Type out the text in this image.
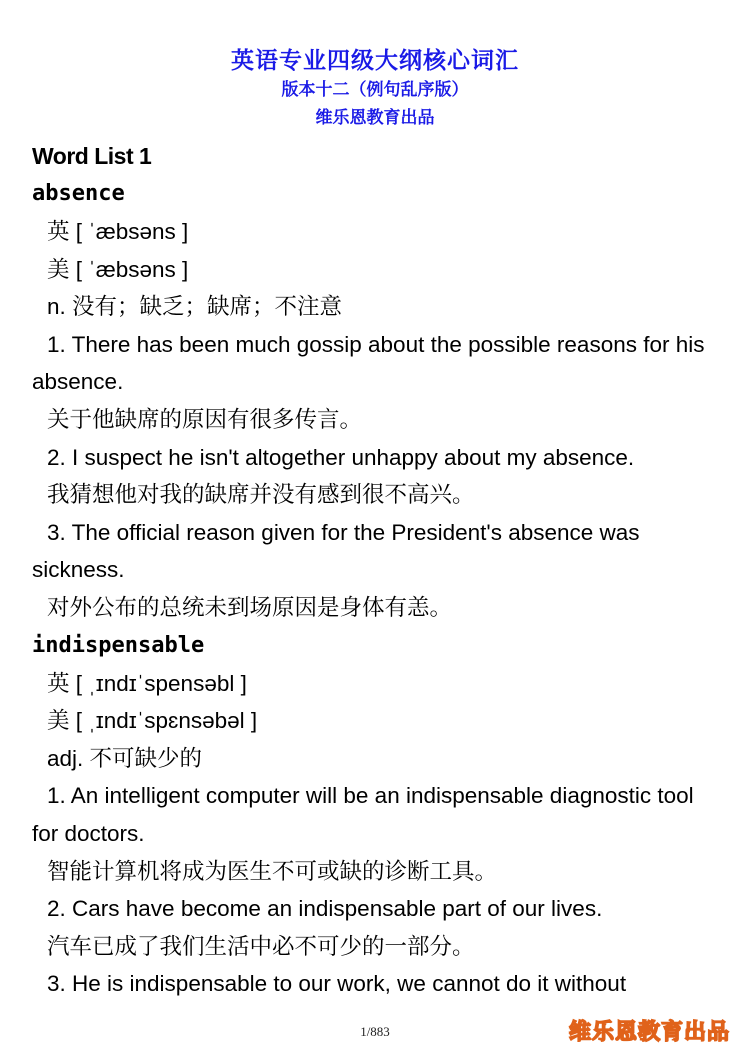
英语专业四级大纲核心词汇
版本十二（例句乱序版）
维乐恩教育出品
Word List 1
absence
英 [ ˈæbsəns ]
美 [ ˈæbsəns ]
n. 没有；缺乏；缺席；不注意
1. There has been much gossip about the possible reasons for his absence.
关于他缺席的原因有很多传言。
2. I suspect he isn't altogether unhappy about my absence.
我猜想他对我的缺席并没有感到很不高兴。
3. The official reason given for the President's absence was sickness.
对外公布的总统未到场原因是身体有恙。
indispensable
英 [ ˌɪndɪˈspensəbl ]
美 [ ˌɪndɪˈspɛnsəbəl ]
adj. 不可缺少的
1. An intelligent computer will be an indispensable diagnostic tool for doctors.
智能计算机将成为医生不可或缺的诊断工具。
2. Cars have become an indispensable part of our lives.
汽车已成了我们生活中必不可少的一部分。
3. He is indispensable to our work, we cannot do it without
1/883	维乐恩教育出品
